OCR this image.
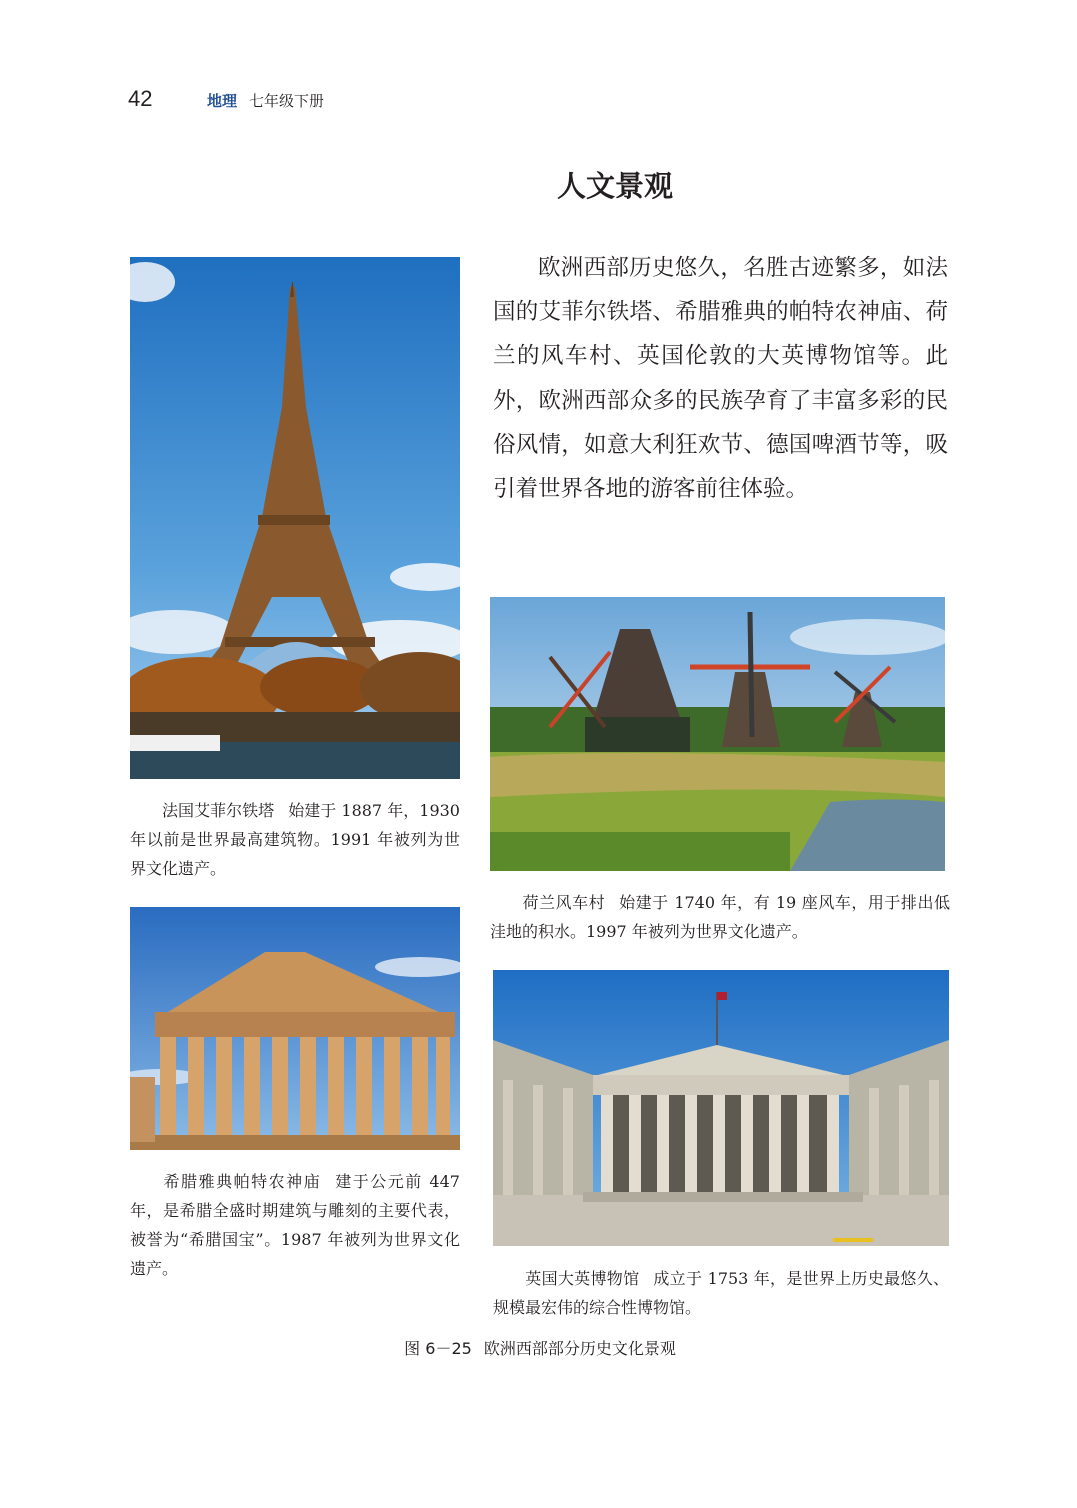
42	地理 七年级下册
人文景观
欧洲西部历史悠久，名胜古迹繁多，如法国的艾菲尔铁塔、希腊雅典的帕特农神庙、荷兰的风车村、英国伦敦的大英博物馆等。此外，欧洲西部众多的民族孕育了丰富多彩的民俗风情，如意大利狂欢节、德国啤酒节等，吸引着世界各地的游客前往体验。
法国艾菲尔铁塔 始建于 1887 年，1930 年以前是世界最高建筑物。1991 年被列为世界文化遗产。
荷兰风车村 始建于 1740 年，有 19 座风车，用于排出低洼地的积水。1997 年被列为世界文化遗产。
希腊雅典帕特农神庙 建于公元前 447 年，是希腊全盛时期建筑与雕刻的主要代表，被誉为“希腊国宝”。1987 年被列为世界文化遗产。
英国大英博物馆 成立于 1753 年，是世界上历史最悠久、规模最宏伟的综合性博物馆。
图 6－25 欧洲西部部分历史文化景观
